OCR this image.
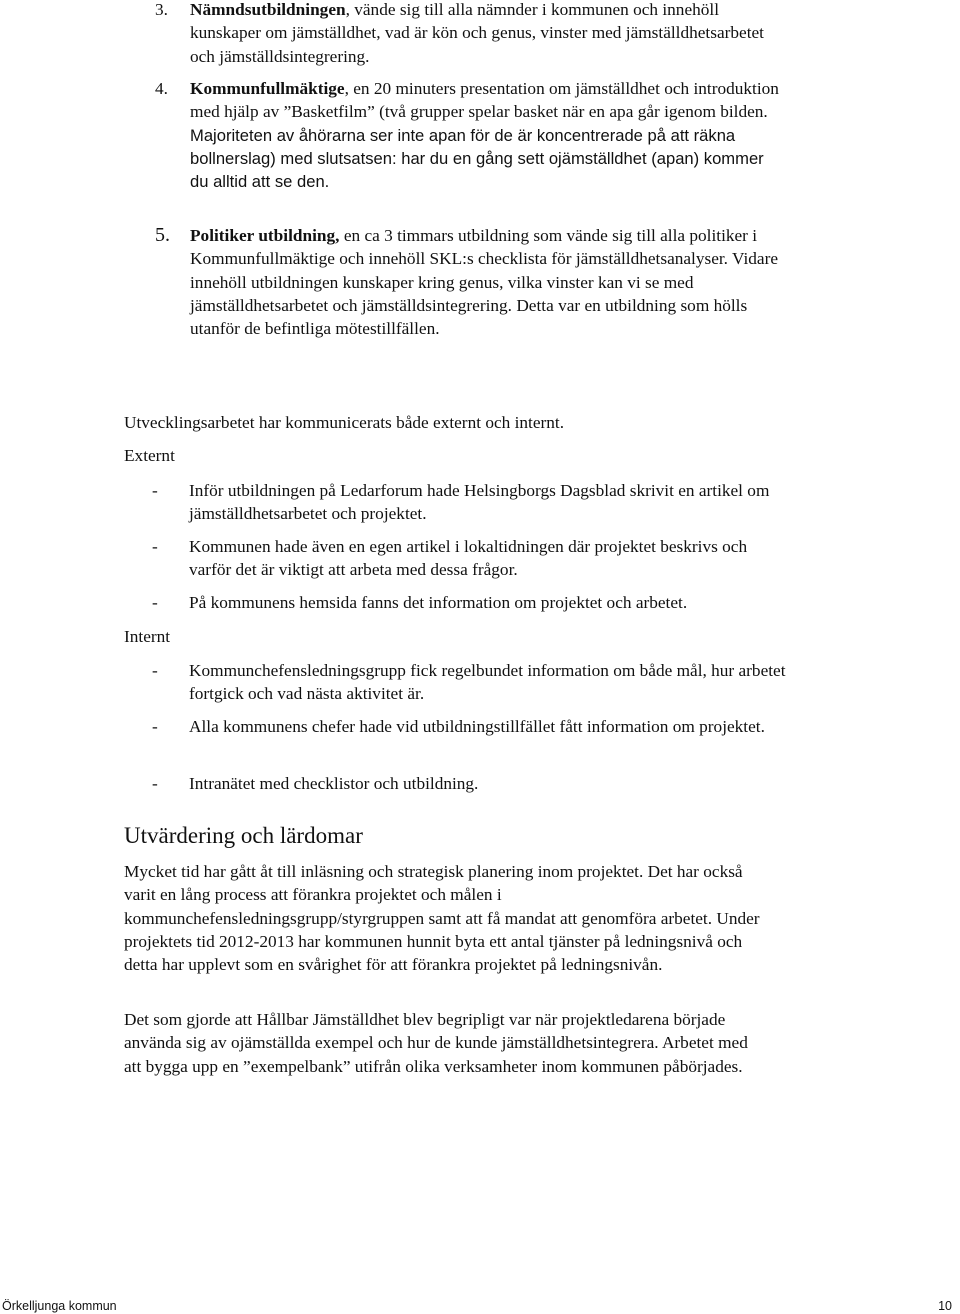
3. Nämndsutbildningen, vände sig till alla nämnder i kommunen och innehöll kunskaper om jämställdhet, vad är kön och genus, vinster med jämställdhetsarbetet och jämställdsintegrering.
4. Kommunfullmäktige, en 20 minuters presentation om jämställdhet och introduktion med hjälp av ”Basketfilm” (två grupper spelar basket när en apa går igenom bilden. Majoriteten av åhörarna ser inte apan för de är koncentrerade på att räkna bollnerslag) med slutsatsen: har du en gång sett ojämställdhet (apan) kommer du alltid att se den.
5. Politiker utbildning, en ca 3 timmars utbildning som vände sig till alla politiker i Kommunfullmäktige och innehöll SKL:s checklista för jämställdhetsanalyser. Vidare innehöll utbildningen kunskaper kring genus, vilka vinster kan vi se med jämställdhetsarbetet och jämställdsintegrering. Detta var en utbildning som hölls utanför de befintliga mötestillfällen.
Utvecklingsarbetet har kommunicerats både externt och internt.
Externt
- Inför utbildningen på Ledarforum hade Helsingborgs Dagsblad skrivit en artikel om jämställdhetsarbetet och projektet.
- Kommunen hade även en egen artikel i lokaltidningen där projektet beskrivs och varför det är viktigt att arbeta med dessa frågor.
- På kommunens hemsida fanns det information om projektet och arbetet.
Internt
- Kommunchefensledningsgrupp fick regelbundet information om både mål, hur arbetet fortgick och vad nästa aktivitet är.
- Alla kommunens chefer hade vid utbildningstillfället fått information om projektet.
- Intranätet med checklistor och utbildning.
Utvärdering och lärdomar
Mycket tid har gått åt till inläsning och strategisk planering inom projektet. Det har också varit en lång process att förankra projektet och målen i kommunchefensledningsgrupp/styrgruppen samt att få mandat att genomföra arbetet. Under projektets tid 2012-2013 har kommunen hunnit byta ett antal tjänster på ledningsnivå och detta har upplevt som en svårighet för att förankra projektet på ledningsnivån.
Det som gjorde att Hållbar Jämställdhet blev begripligt var när projektledarena började använda sig av ojämställda exempel och hur de kunde jämställdhetsintegrera. Arbetet med att bygga upp en ”exempelbank” utifrån olika verksamheter inom kommunen påbörjades.
Örkelljunga kommun	10
